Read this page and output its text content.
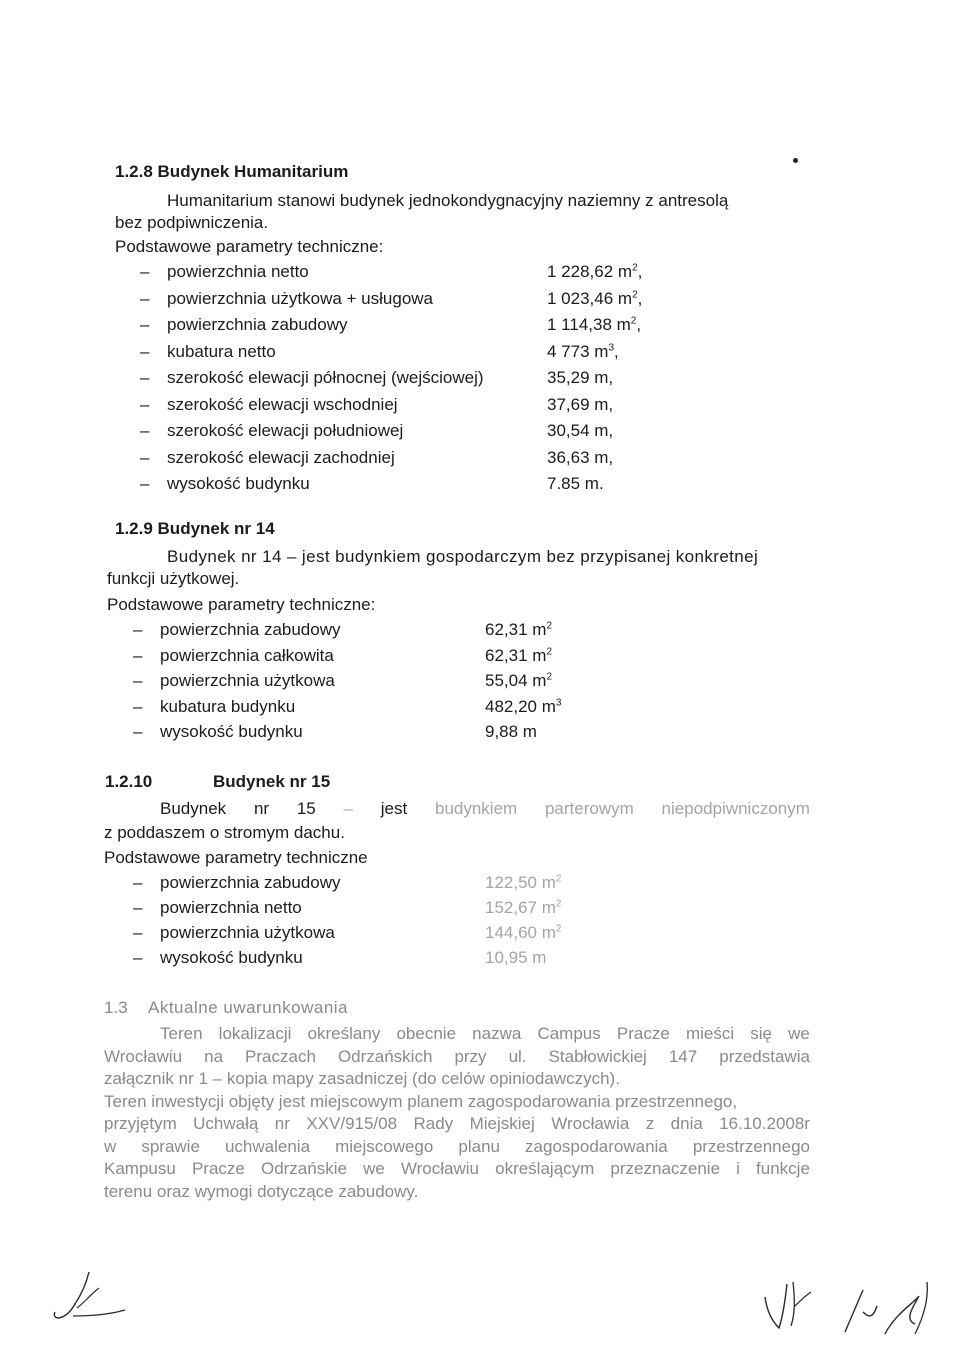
1.2.8 Budynek Humanitarium
Humanitarium stanowi budynek jednokondygnacyjny naziemny z antresolą
bez podpiwniczenia.
Podstawowe parametry techniczne:
– powierzchnia netto	1 228,62 $m^2$,
– powierzchnia użytkowa + usługowa	1 023,46 $m^2$,
– powierzchnia zabudowy	1 114,38 $m^2$,
– kubatura netto	4 773 $m^3$,
– szerokość elewacji północnej (wejściowej)	35,29 m,
– szerokość elewacji wschodniej	37,69 m,
– szerokość elewacji południowej	30,54 m,
– szerokość elewacji zachodniej	36,63 m,
– wysokość budynku	7.85 m.
1.2.9 Budynek nr 14
Budynek nr 14 – jest budynkiem gospodarczym bez przypisanej konkretnej
funkcji użytkowej.
Podstawowe parametry techniczne:
– powierzchnia zabudowy	62,31 $m^2$
– powierzchnia całkowita	62,31 $m^2$
– powierzchnia użytkowa	55,04 $m^2$
– kubatura budynku	482,20 $m^3$
– wysokość budynku	9,88 m
1.2.10	Budynek nr 15
Budynek nr 15 – jest budynkiem parterowym niepodpiwniczonym
z poddaszem o stromym dachu.
Podstawowe parametry techniczne
– powierzchnia zabudowy	122,50 $m^2$
– powierzchnia netto	152,67 $m^2$
– powierzchnia użytkowa	144,60 $m^2$
– wysokość budynku	10,95 m
1.3 Aktualne uwarunkowania
Teren lokalizacji określany obecnie nazwa Campus Pracze mieści się we
Wrocławiu na Praczach Odrzańskich przy ul. Stabłowickiej 147 przedstawia
załącznik nr 1 – kopia mapy zasadniczej (do celów opiniodawczych).
Teren inwestycji objęty jest miejscowym planem zagospodarowania przestrzennego,
przyjętym Uchwałą nr XXV/915/08 Rady Miejskiej Wrocławia z dnia 16.10.2008r
w sprawie uchwalenia miejscowego planu zagospodarowania przestrzennego
Kampusu Pracze Odrzańskie we Wrocławiu określającym przeznaczenie i funkcje
terenu oraz wymogi dotyczące zabudowy.
